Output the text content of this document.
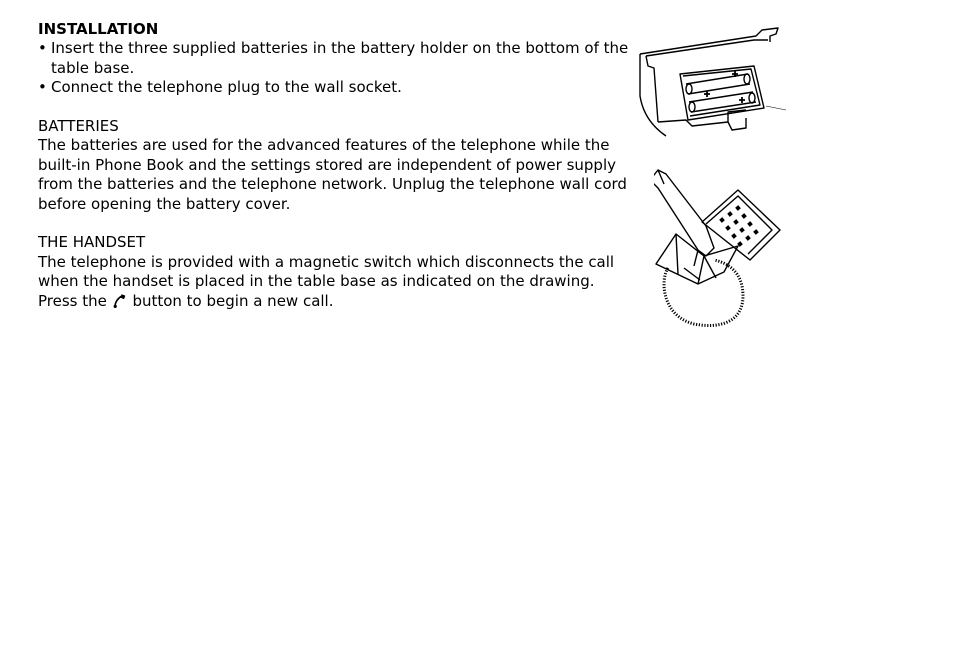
INSTALLATION
• Insert the three supplied batteries in the battery holder on the bottom of the table base.
• Connect the telephone plug to the wall socket.
BATTERIES

The batteries are used for the advanced features of the telephone while the built-in Phone Book and the settings stored are independent of power supply from the batteries and the telephone network. Unplug the telephone wall cord before opening the battery cover.

THE HANDSET

The telephone is provided with a magnetic switch which disconnects the call when the handset is placed in the table base as indicated on the drawing.
Press the button to begin a new call.
